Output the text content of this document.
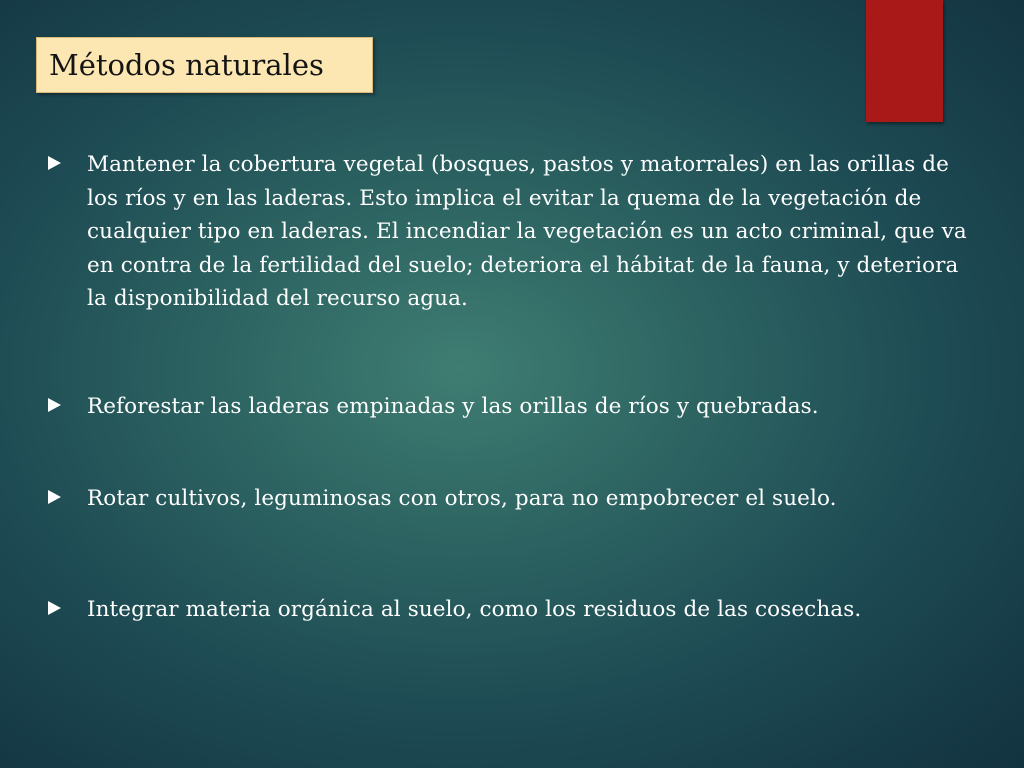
Métodos naturales
Mantener la cobertura vegetal (bosques, pastos y matorrales) en las orillas de los ríos y en las laderas. Esto implica el evitar la quema de la vegetación de cualquier tipo en laderas. El incendiar la vegetación es un acto criminal, que va en contra de la fertilidad del suelo; deteriora el hábitat de la fauna, y deteriora la disponibilidad del recurso agua.
Reforestar las laderas empinadas y las orillas de ríos y quebradas.
Rotar cultivos, leguminosas con otros, para no empobrecer el suelo.
Integrar materia orgánica al suelo, como los residuos de las cosechas.
